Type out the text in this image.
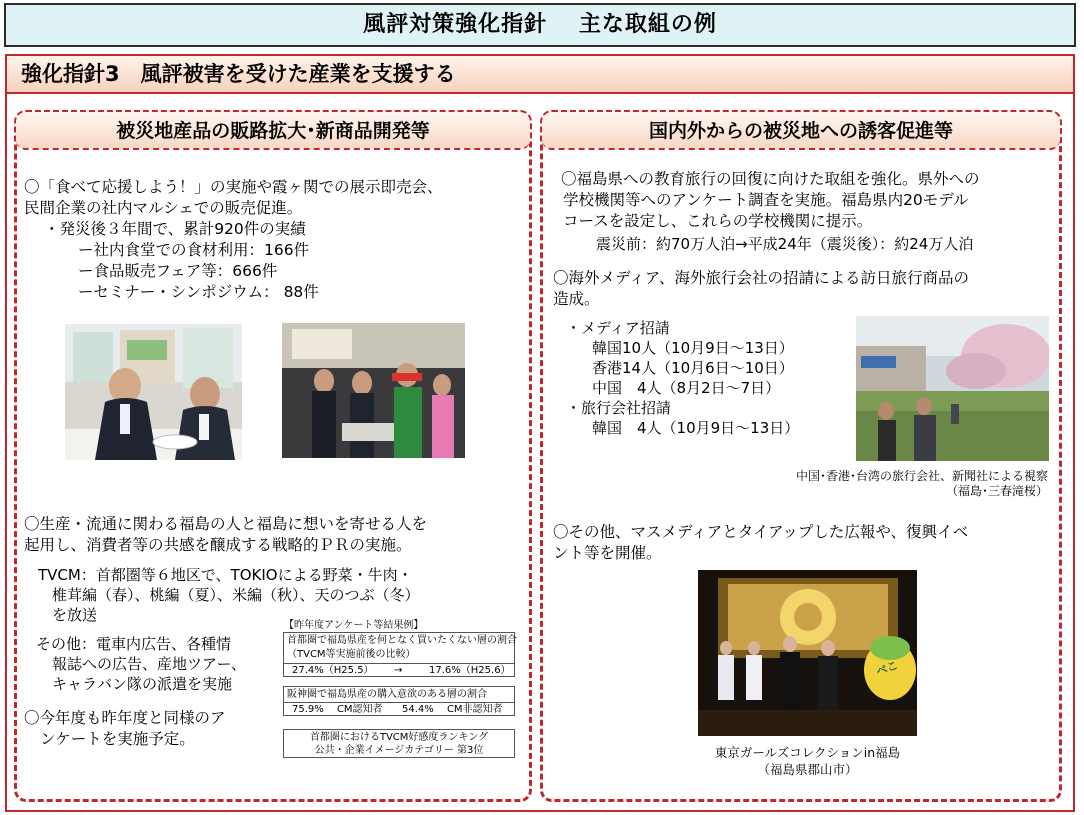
風評対策強化指針　 主な取組の例
強化指針3　風評被害を受けた産業を支援する
被災地産品の販路拡大･新商品開発等
〇「食べて応援しよう！」の実施や霞ヶ関での展示即売会、
民間企業の社内マルシェでの販売促進。
・発災後３年間で、累計920件の実績
ー社内食堂での食材利用：166件
ー食品販売フェア等：666件
ーセミナー・シンポジウム： 88件
〇生産・流通に関わる福島の人と福島に想いを寄せる人を
起用し、消費者等の共感を醸成する戦略的ＰＲの実施。
TVCM：首都圏等６地区で、TOKIOによる野菜・牛肉・
椎茸編（春）、桃編（夏）、米編（秋）、天のつぶ（冬）
を放送
その他：電車内広告、各種情
報誌への広告、産地ツアー、
キャラバン隊の派遣を実施
〇今年度も昨年度と同様のア
ンケートを実施予定。
【昨年度アンケート等結果例】
首都圏で福島県産を何となく買いたくない層の割合
（TVCM等実施前後の比較）
27.4%（H25.5） →	17.6%（H25.6）
阪神圏で福島県産の購入意欲のある層の割合
75.9%　 CM認知者 54.4%　 CM非認知者
首都圏におけるTVCM好感度ランキング
公共・企業イメージカテゴリー 第3位
国内外からの被災地への誘客促進等
〇福島県への教育旅行の回復に向けた取組を強化。県外への
学校機関等へのアンケート調査を実施。福島県内20モデル
コースを設定し、これらの学校機関に提示。
震災前：約70万人泊→平成24年（震災後）：約24万人泊
〇海外メディア、海外旅行会社の招請による訪日旅行商品の
造成。
・メディア招請
韓国10人（10月9日～13日）
香港14人（10月6日～10日）
中国　4人（8月2日～7日）
・旅行会社招請
韓国　4人（10月9日～13日）
中国･香港･台湾の旅行会社、新聞社による視察
（福島･三春滝桜）
〇その他、マスメディアとタイアップした広報や、復興イベ
ント等を開催。
べこ
東京ガールズコレクションin福島
（福島県郡山市）
